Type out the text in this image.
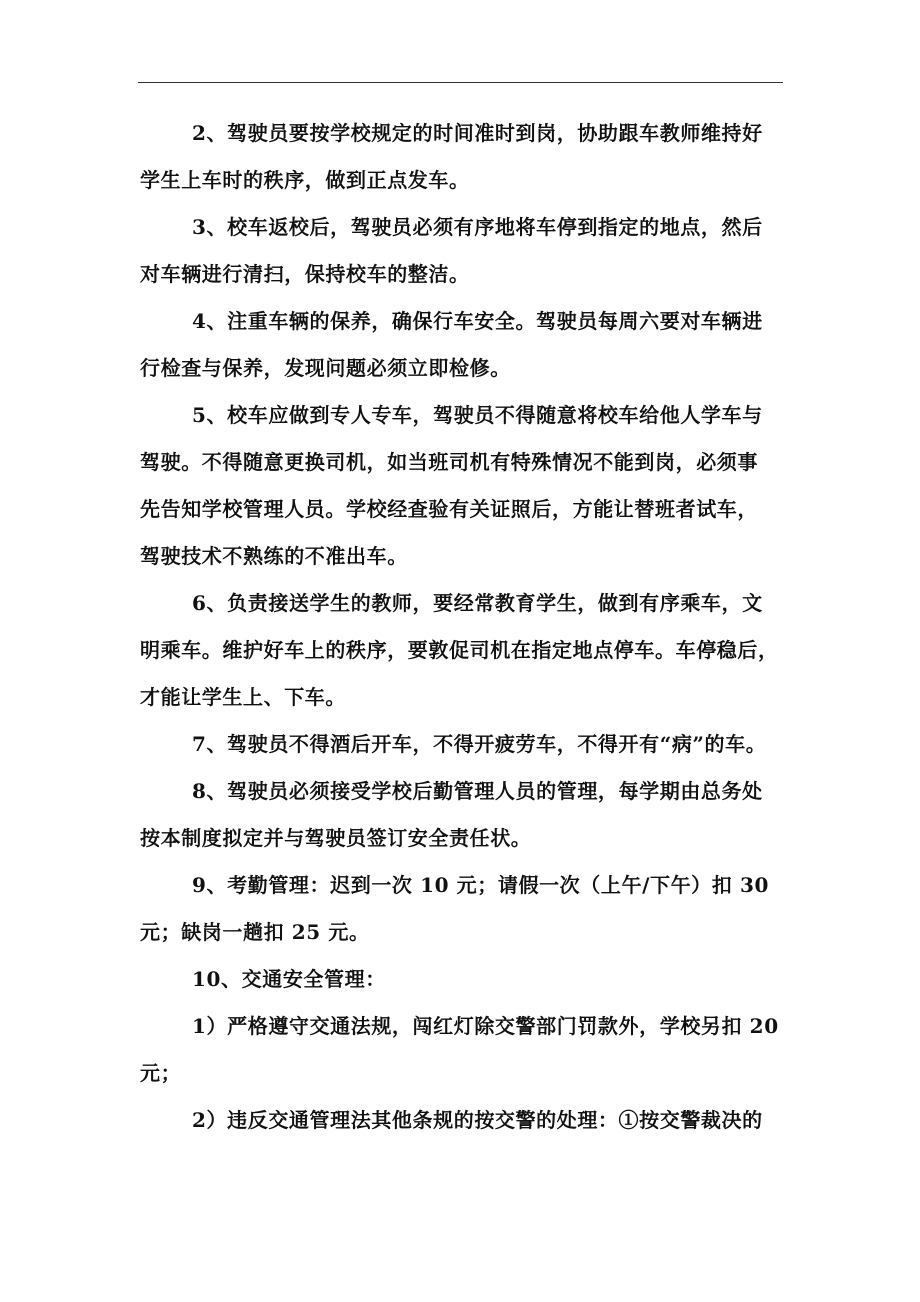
2、驾驶员要按学校规定的时间准时到岗，协助跟车教师维持好
学生上车时的秩序，做到正点发车。

3、校车返校后，驾驶员必须有序地将车停到指定的地点，然后
对车辆进行清扫，保持校车的整洁。

4、注重车辆的保养，确保行车安全。驾驶员每周六要对车辆进
行检查与保养，发现问题必须立即检修。

5、校车应做到专人专车，驾驶员不得随意将校车给他人学车与
驾驶。不得随意更换司机，如当班司机有特殊情况不能到岗，必须事
先告知学校管理人员。学校经查验有关证照后，方能让替班者试车，
驾驶技术不熟练的不准出车。

6、负责接送学生的教师，要经常教育学生，做到有序乘车，文
明乘车。维护好车上的秩序，要敦促司机在指定地点停车。车停稳后，
才能让学生上、下车。

7、驾驶员不得酒后开车，不得开疲劳车，不得开有“病”的车。

8、驾驶员必须接受学校后勤管理人员的管理，每学期由总务处
按本制度拟定并与驾驶员签订安全责任状。

9、考勤管理：迟到一次 10 元；请假一次（上午/下午）扣 30
元；缺岗一趟扣 25 元。

10、交通安全管理：

1）严格遵守交通法规，闯红灯除交警部门罚款外，学校另扣 20
元；

2）违反交通管理法其他条规的按交警的处理：①按交警裁决的
